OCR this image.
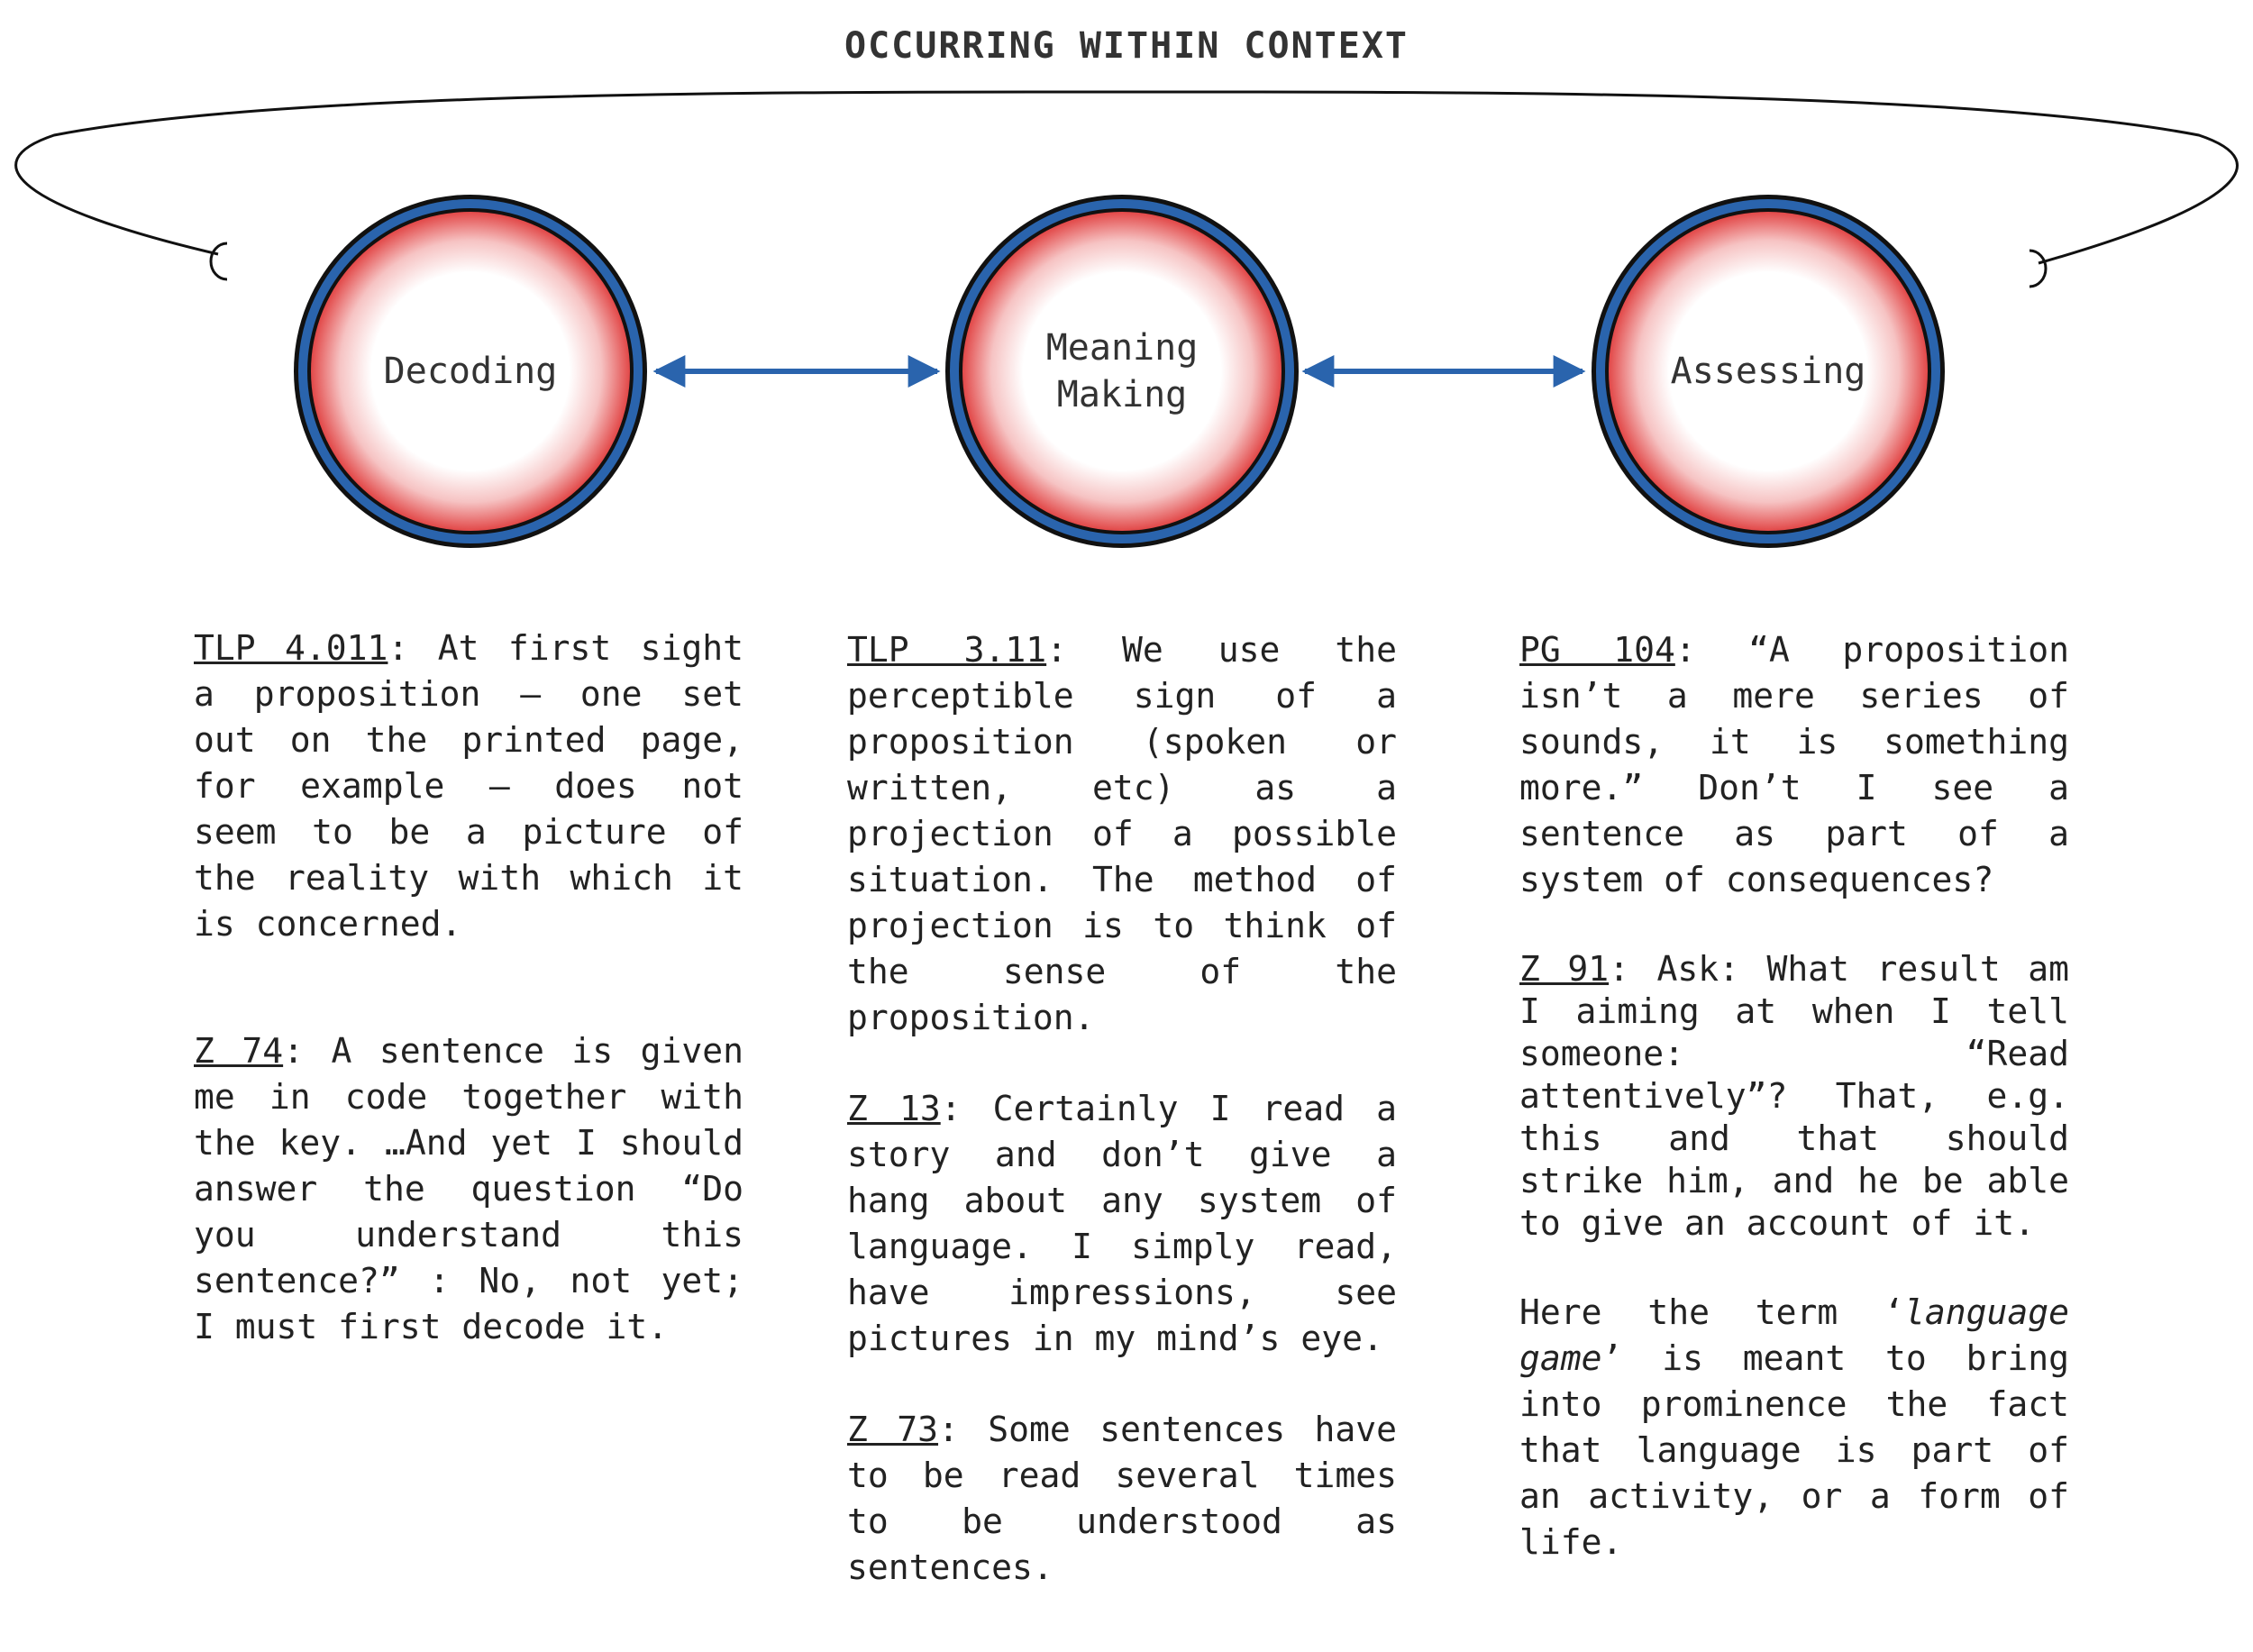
OCCURRING WITHIN CONTEXT
Decoding
Meaning
Making
Assessing

TLP 4.011: At first sight a proposition – one set out on the printed page, for example – does not seem to be a picture of the reality with which it is concerned.

Z 74: A sentence is given me in code together with the key. …And yet I should answer the question “Do you understand this sentence?” : No, not yet; I must first decode it.

TLP 3.11: We use the perceptible sign of a proposition (spoken or written, etc) as a projection of a possible situation. The method of projection is to think of the sense of the proposition.

Z 13: Certainly I read a story and don’t give a hang about any system of language. I simply read, have impressions, see pictures in my mind’s eye.

Z 73: Some sentences have to be read several times to be understood as sentences.

PG 104: “A proposition isn’t a mere series of sounds, it is something more.” Don’t I see a sentence as part of a system of consequences?

Z 91: Ask: What result am I aiming at when I tell someone: “Read attentively”? That, e.g. this and that should strike him, and he be able to give an account of it.

Here the term ‘language game’ is meant to bring into prominence the fact that language is part of an activity, or a form of life.
